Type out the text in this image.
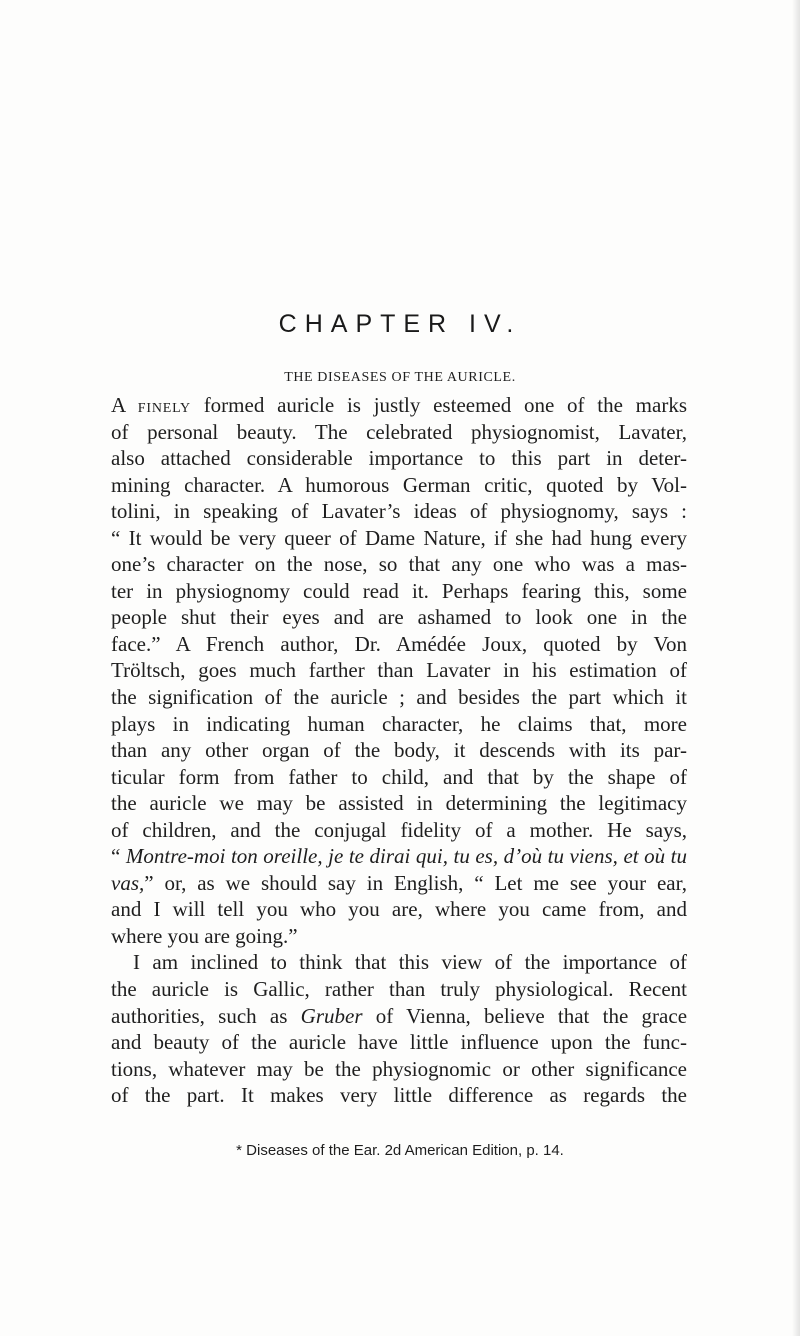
CHAPTER IV.
THE DISEASES OF THE AURICLE.
A FINELY formed auricle is justly esteemed one of the marks
of personal beauty. The celebrated physiognomist, Lavater,
also attached considerable importance to this part in deter-
mining character. A humorous German critic, quoted by Vol-
tolini, in speaking of Lavater’s ideas of physiognomy, says :
“ It would be very queer of Dame Nature, if she had hung every
one’s character on the nose, so that any one who was a mas-
ter in physiognomy could read it. Perhaps fearing this, some
people shut their eyes and are ashamed to look one in the
face.” A French author, Dr. Amédée Joux, quoted by Von
Tröltsch, goes much farther than Lavater in his estimation of
the signification of the auricle ; and besides the part which it
plays in indicating human character, he claims that, more
than any other organ of the body, it descends with its par-
ticular form from father to child, and that by the shape of
the auricle we may be assisted in determining the legitimacy
of children, and the conjugal fidelity of a mother. He says,
“ Montre-moi ton oreille, je te dirai qui, tu es, d’où tu viens, et où tu
vas,” or, as we should say in English, “ Let me see your ear,
and I will tell you who you are, where you came from, and
where you are going.”
I am inclined to think that this view of the importance of
the auricle is Gallic, rather than truly physiological. Recent
authorities, such as Gruber of Vienna, believe that the grace
and beauty of the auricle have little influence upon the func-
tions, whatever may be the physiognomic or other significance
of the part. It makes very little difference as regards the

* Diseases of the Ear. 2d American Edition, p. 14.
